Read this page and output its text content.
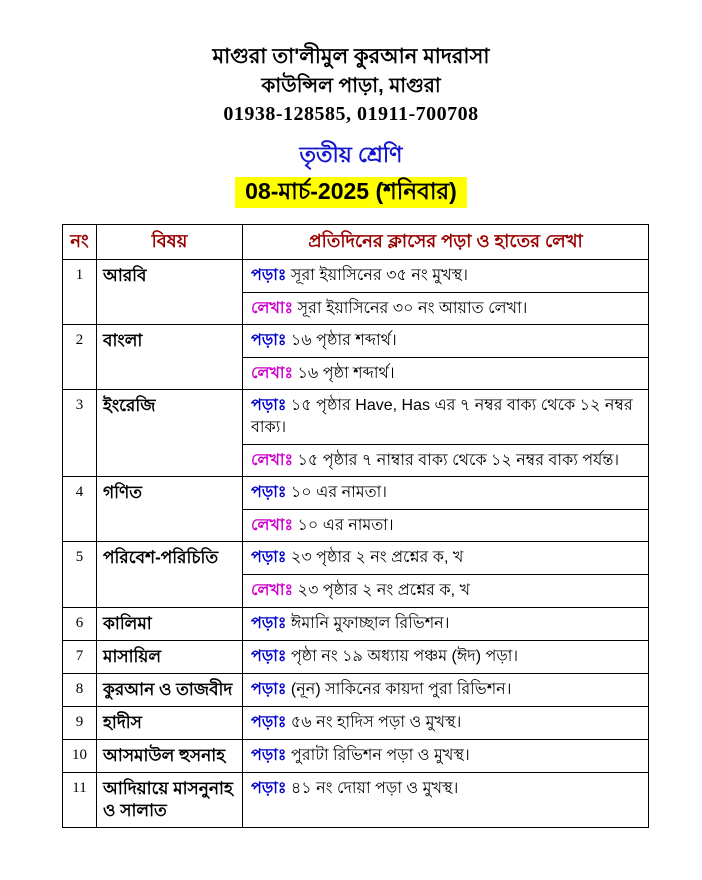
মাগুরা তা'লীমুল কুরআন মাদরাসা
কাউন্সিল পাড়া, মাগুরা
01938-128585, 01911-700708
তৃতীয় শ্রেণি
08-মার্চ-2025 (শনিবার)
নং	বিষয়	প্রতিদিনের ক্লাসের পড়া ও হাতের লেখা
1	আরবি	পড়াঃ সূরা ইয়াসিনের ৩৫ নং মুখস্থ।
		লেখাঃ সূরা ইয়াসিনের ৩০ নং আয়াত লেখা।
2	বাংলা	পড়াঃ ১৬ পৃষ্ঠার শব্দার্থ।
		লেখাঃ ১৬ পৃষ্ঠা শব্দার্থ।
3	ইংরেজি	পড়াঃ ১৫ পৃষ্ঠার Have, Has এর ৭ নম্বর বাক্য থেকে ১২ নম্বর বাক্য।
		লেখাঃ ১৫ পৃষ্ঠার ৭ নাম্বার বাক্য থেকে ১২ নম্বর বাক্য পর্যন্ত।
4	গণিত	পড়াঃ ১০ এর নামতা।
		লেখাঃ ১০ এর নামতা।
5	পরিবেশ-পরিচিতি	পড়াঃ ২৩ পৃষ্ঠার ২ নং প্রশ্নের ক, খ
		লেখাঃ ২৩ পৃষ্ঠার ২ নং প্রশ্নের ক, খ
6	কালিমা	পড়াঃ ঈমানি মুফাচ্ছাল রিভিশন।
7	মাসায়িল	পড়াঃ পৃষ্ঠা নং ১৯ অধ্যায় পঞ্চম (ঈদ) পড়া।
8	কুরআন ও তাজবীদ	পড়াঃ (নূন) সাকিনের কায়দা পুরা রিভিশন।
9	হাদীস	পড়াঃ ৫৬ নং হাদিস পড়া ও মুখস্থ।
10	আসমাউল হুসনাহ	পড়াঃ পুরাটা রিভিশন পড়া ও মুখস্থ।
11	আদিয়ায়ে মাসনুনাহ ও সালাত	পড়াঃ ৪১ নং দোয়া পড়া ও মুখস্থ।
